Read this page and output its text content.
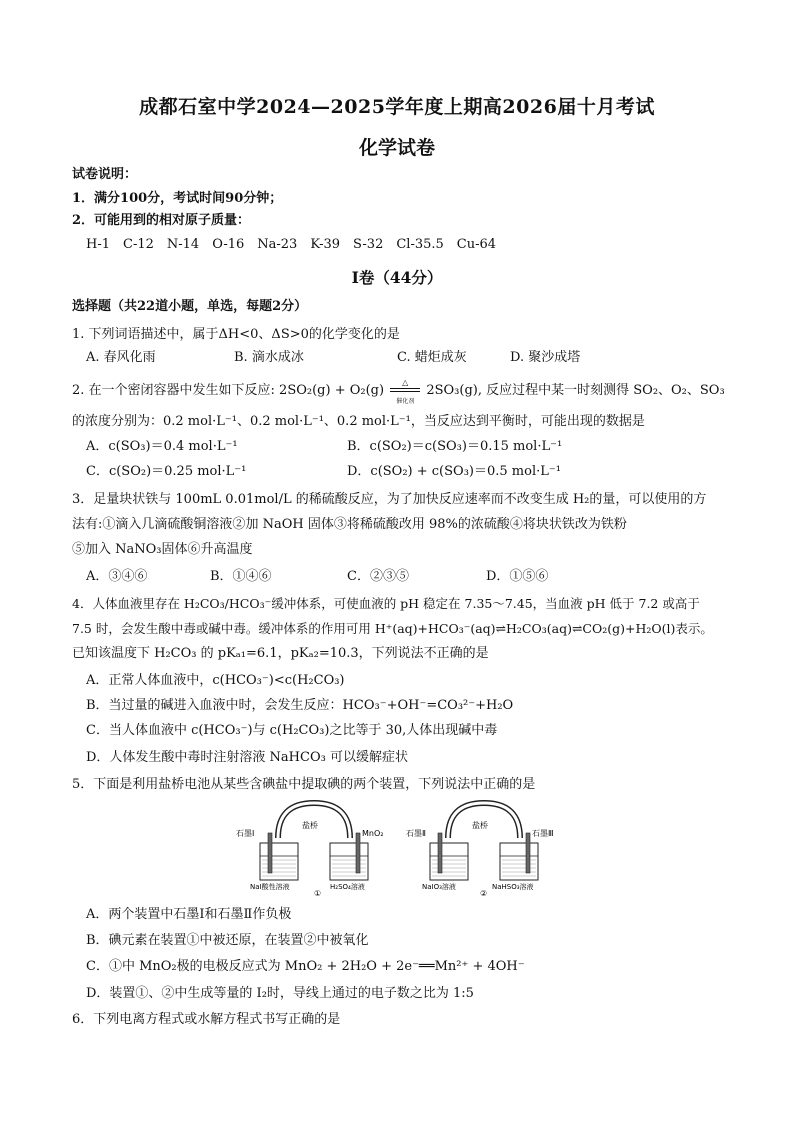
成都石室中学2024—2025学年度上期高2026届十月考试
化学试卷
试卷说明：
1．满分100分，考试时间90分钟；
2．可能用到的相对原子质量：
H-1　C-12　N-14　O-16　Na-23　K-39　S-32　Cl-35.5　Cu-64
Ⅰ卷（44分）
选择题（共22道小题，单选，每题2分）
1. 下列词语描述中，属于ΔH<0、ΔS>0的化学变化的是
A. 春风化雨	B. 滴水成冰	C. 蜡炬成灰	D. 聚沙成塔
2. 在一个密闭容器中发生如下反应: 2SO₂(g) + O₂(g)
△
催化剂
2SO₃(g), 反应过程中某一时刻测得 SO₂、O₂、SO₃
的浓度分别为：0.2 mol·L⁻¹、0.2 mol·L⁻¹、0.2 mol·L⁻¹，当反应达到平衡时，可能出现的数据是
A．c(SO₃)＝0.4 mol·L⁻¹	B．c(SO₂)＝c(SO₃)＝0.15 mol·L⁻¹
C．c(SO₂)＝0.25 mol·L⁻¹	D．c(SO₂) + c(SO₃)＝0.5 mol·L⁻¹
3．足量块状铁与 100mL 0.01mol/L 的稀硫酸反应，为了加快反应速率而不改变生成 H₂的量，可以使用的方
法有:①滴入几滴硫酸铜溶液②加 NaOH 固体③将稀硫酸改用 98%的浓硫酸④将块状铁改为铁粉
⑤加入 NaNO₃固体⑥升高温度
A．③④⑥	B．①④⑥	C．②③⑤	D．①⑤⑥
4．人体血液里存在 H₂CO₃/HCO₃⁻缓冲体系，可使血液的 pH 稳定在 7.35～7.45，当血液 pH 低于 7.2 或高于
7.5 时，会发生酸中毒或碱中毒。缓冲体系的作用可用 H⁺(aq)+HCO₃⁻(aq)⇌H₂CO₃(aq)⇌CO₂(g)+H₂O(l)表示。
已知该温度下 H₂CO₃ 的 pKₐ₁=6.1，pKₐ₂=10.3，下列说法不正确的是
A．正常人体血液中，c(HCO₃⁻)<c(H₂CO₃)
B．当过量的碱进入血液中时，会发生反应：HCO₃⁻+OH⁻=CO₃²⁻+H₂O
C．当人体血液中 c(HCO₃⁻)与 c(H₂CO₃)之比等于 30,人体出现碱中毒
D．人体发生酸中毒时注射溶液 NaHCO₃ 可以缓解症状
5．下面是利用盐桥电池从某些含碘盐中提取碘的两个装置，下列说法中正确的是
石墨Ⅰ	MnO₂
盐桥
NaI酸性溶液	H₂SO₄溶液
①
石墨Ⅱ	石墨Ⅲ
盐桥
NaIO₃溶液	NaHSO₃溶液
②
A．两个装置中石墨Ⅰ和石墨Ⅱ作负极
B．碘元素在装置①中被还原，在装置②中被氧化
C．①中 MnO₂极的电极反应式为 MnO₂ + 2H₂O + 2e⁻══Mn²⁺ + 4OH⁻
D．装置①、②中生成等量的 I₂时，导线上通过的电子数之比为 1:5
6．下列电离方程式或水解方程式书写正确的是
